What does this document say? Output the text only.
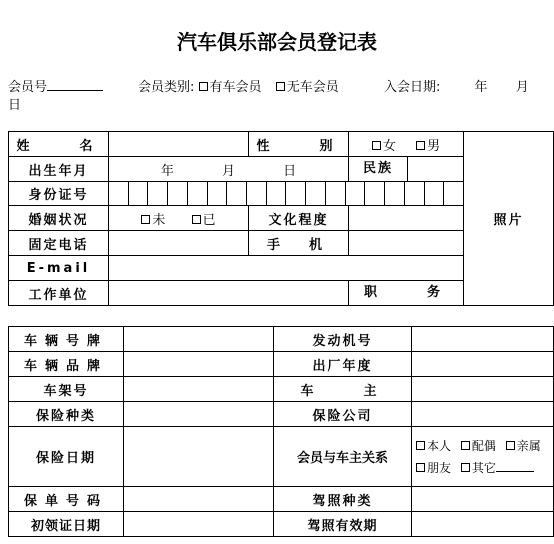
汽车俱乐部会员登记表
会员号	会员类别: 有车会员 无车会员	入会日期:	年 月
日
姓　　名		性　　别	女 男	照片
出生年月	年 月 日		民族	

身份证号				

婚姻状况	未 已	文化程度		
固定电话		手　机		
E-mail				
工作单位			职　　务	
车辆号牌		发动机号	
车辆品牌		出厂年度	
车架号		车　　主	
保险种类		保险公司	
保险日期		会员与车主关系	本人 配偶 亲属
朋友 其它

保单号码		驾照种类	
初领证日期		驾照有效期	
